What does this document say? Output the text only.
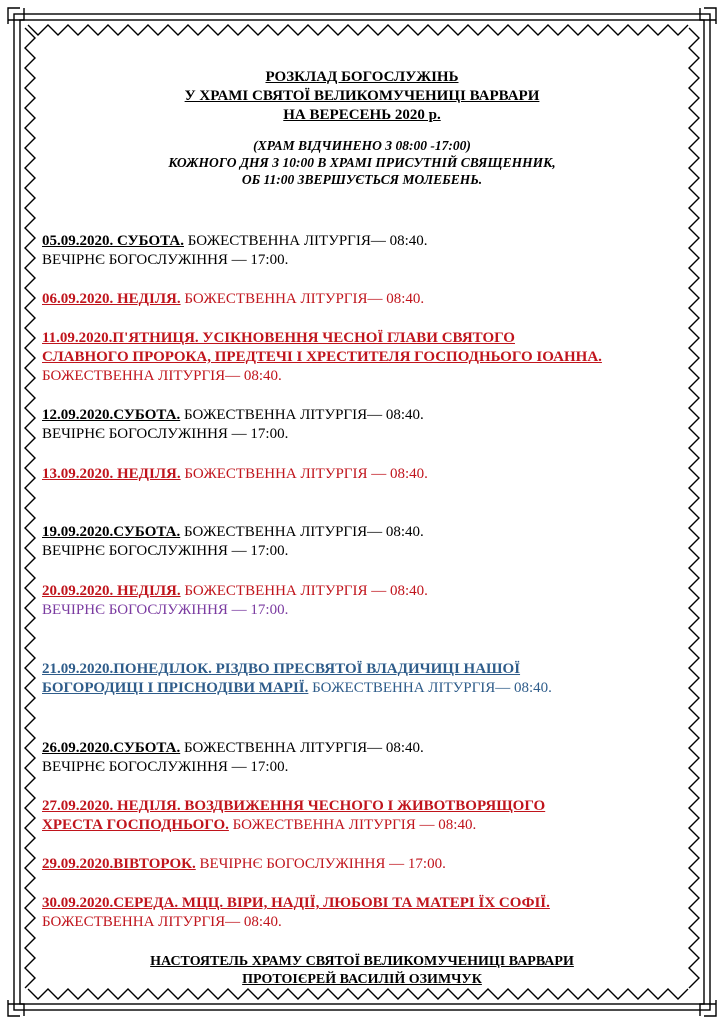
РОЗКЛАД БОГОСЛУЖІНЬ
У ХРАМІ СВЯТОЇ ВЕЛИКОМУЧЕНИЦІ ВАРВАРИ
НА ВЕРЕСЕНЬ 2020 р.
(ХРАМ ВІДЧИНЕНО З 08:00 -17:00)
КОЖНОГО ДНЯ З 10:00 В ХРАМІ ПРИСУТНІЙ СВЯЩЕННИК,
ОБ 11:00 ЗВЕРШУЄТЬСЯ МОЛЕБЕНЬ.
05.09.2020. СУБОТА. БОЖЕСТВЕННА ЛІТУРГІЯ— 08:40.
ВЕЧІРНЄ БОГОСЛУЖІННЯ — 17:00.
06.09.2020. НЕДІЛЯ. БОЖЕСТВЕННА ЛІТУРГІЯ— 08:40.
11.09.2020.П'ЯТНИЦЯ. УСІКНОВЕННЯ ЧЕСНОЇ ГЛАВИ СВЯТОГО
СЛАВНОГО ПРОРОКА, ПРЕДТЕЧІ І ХРЕСТИТЕЛЯ ГОСПОДНЬОГО ІОАННА.
БОЖЕСТВЕННА ЛІТУРГІЯ— 08:40.
12.09.2020.СУБОТА. БОЖЕСТВЕННА ЛІТУРГІЯ— 08:40.
ВЕЧІРНЄ БОГОСЛУЖІННЯ — 17:00.
13.09.2020. НЕДІЛЯ. БОЖЕСТВЕННА ЛІТУРГІЯ — 08:40.
19.09.2020.СУБОТА. БОЖЕСТВЕННА ЛІТУРГІЯ— 08:40.
ВЕЧІРНЄ БОГОСЛУЖІННЯ — 17:00.
20.09.2020. НЕДІЛЯ. БОЖЕСТВЕННА ЛІТУРГІЯ — 08:40.
ВЕЧІРНЄ БОГОСЛУЖІННЯ — 17:00.
21.09.2020.ПОНЕДІЛОК. РІЗДВО ПРЕСВЯТОЇ ВЛАДИЧИЦІ НАШОЇ
БОГОРОДИЦІ І ПРІСНОДІВИ МАРІЇ. БОЖЕСТВЕННА ЛІТУРГІЯ— 08:40.
26.09.2020.СУБОТА. БОЖЕСТВЕННА ЛІТУРГІЯ— 08:40.
ВЕЧІРНЄ БОГОСЛУЖІННЯ — 17:00.
27.09.2020. НЕДІЛЯ. ВОЗДВИЖЕННЯ ЧЕСНОГО І ЖИВОТВОРЯЩОГО
ХРЕСТА ГОСПОДНЬОГО. БОЖЕСТВЕННА ЛІТУРГІЯ — 08:40.
29.09.2020.ВІВТОРОК. ВЕЧІРНЄ БОГОСЛУЖІННЯ — 17:00.
30.09.2020.СЕРЕДА. МЦЦ. ВІРИ, НАДІЇ, ЛЮБОВІ ТА МАТЕРІ ЇХ СОФІЇ.
БОЖЕСТВЕННА ЛІТУРГІЯ— 08:40.
НАСТОЯТЕЛЬ ХРАМУ СВЯТОЇ ВЕЛИКОМУЧЕНИЦІ ВАРВАРИ
ПРОТОІЄРЕЙ ВАСИЛІЙ ОЗИМЧУК
